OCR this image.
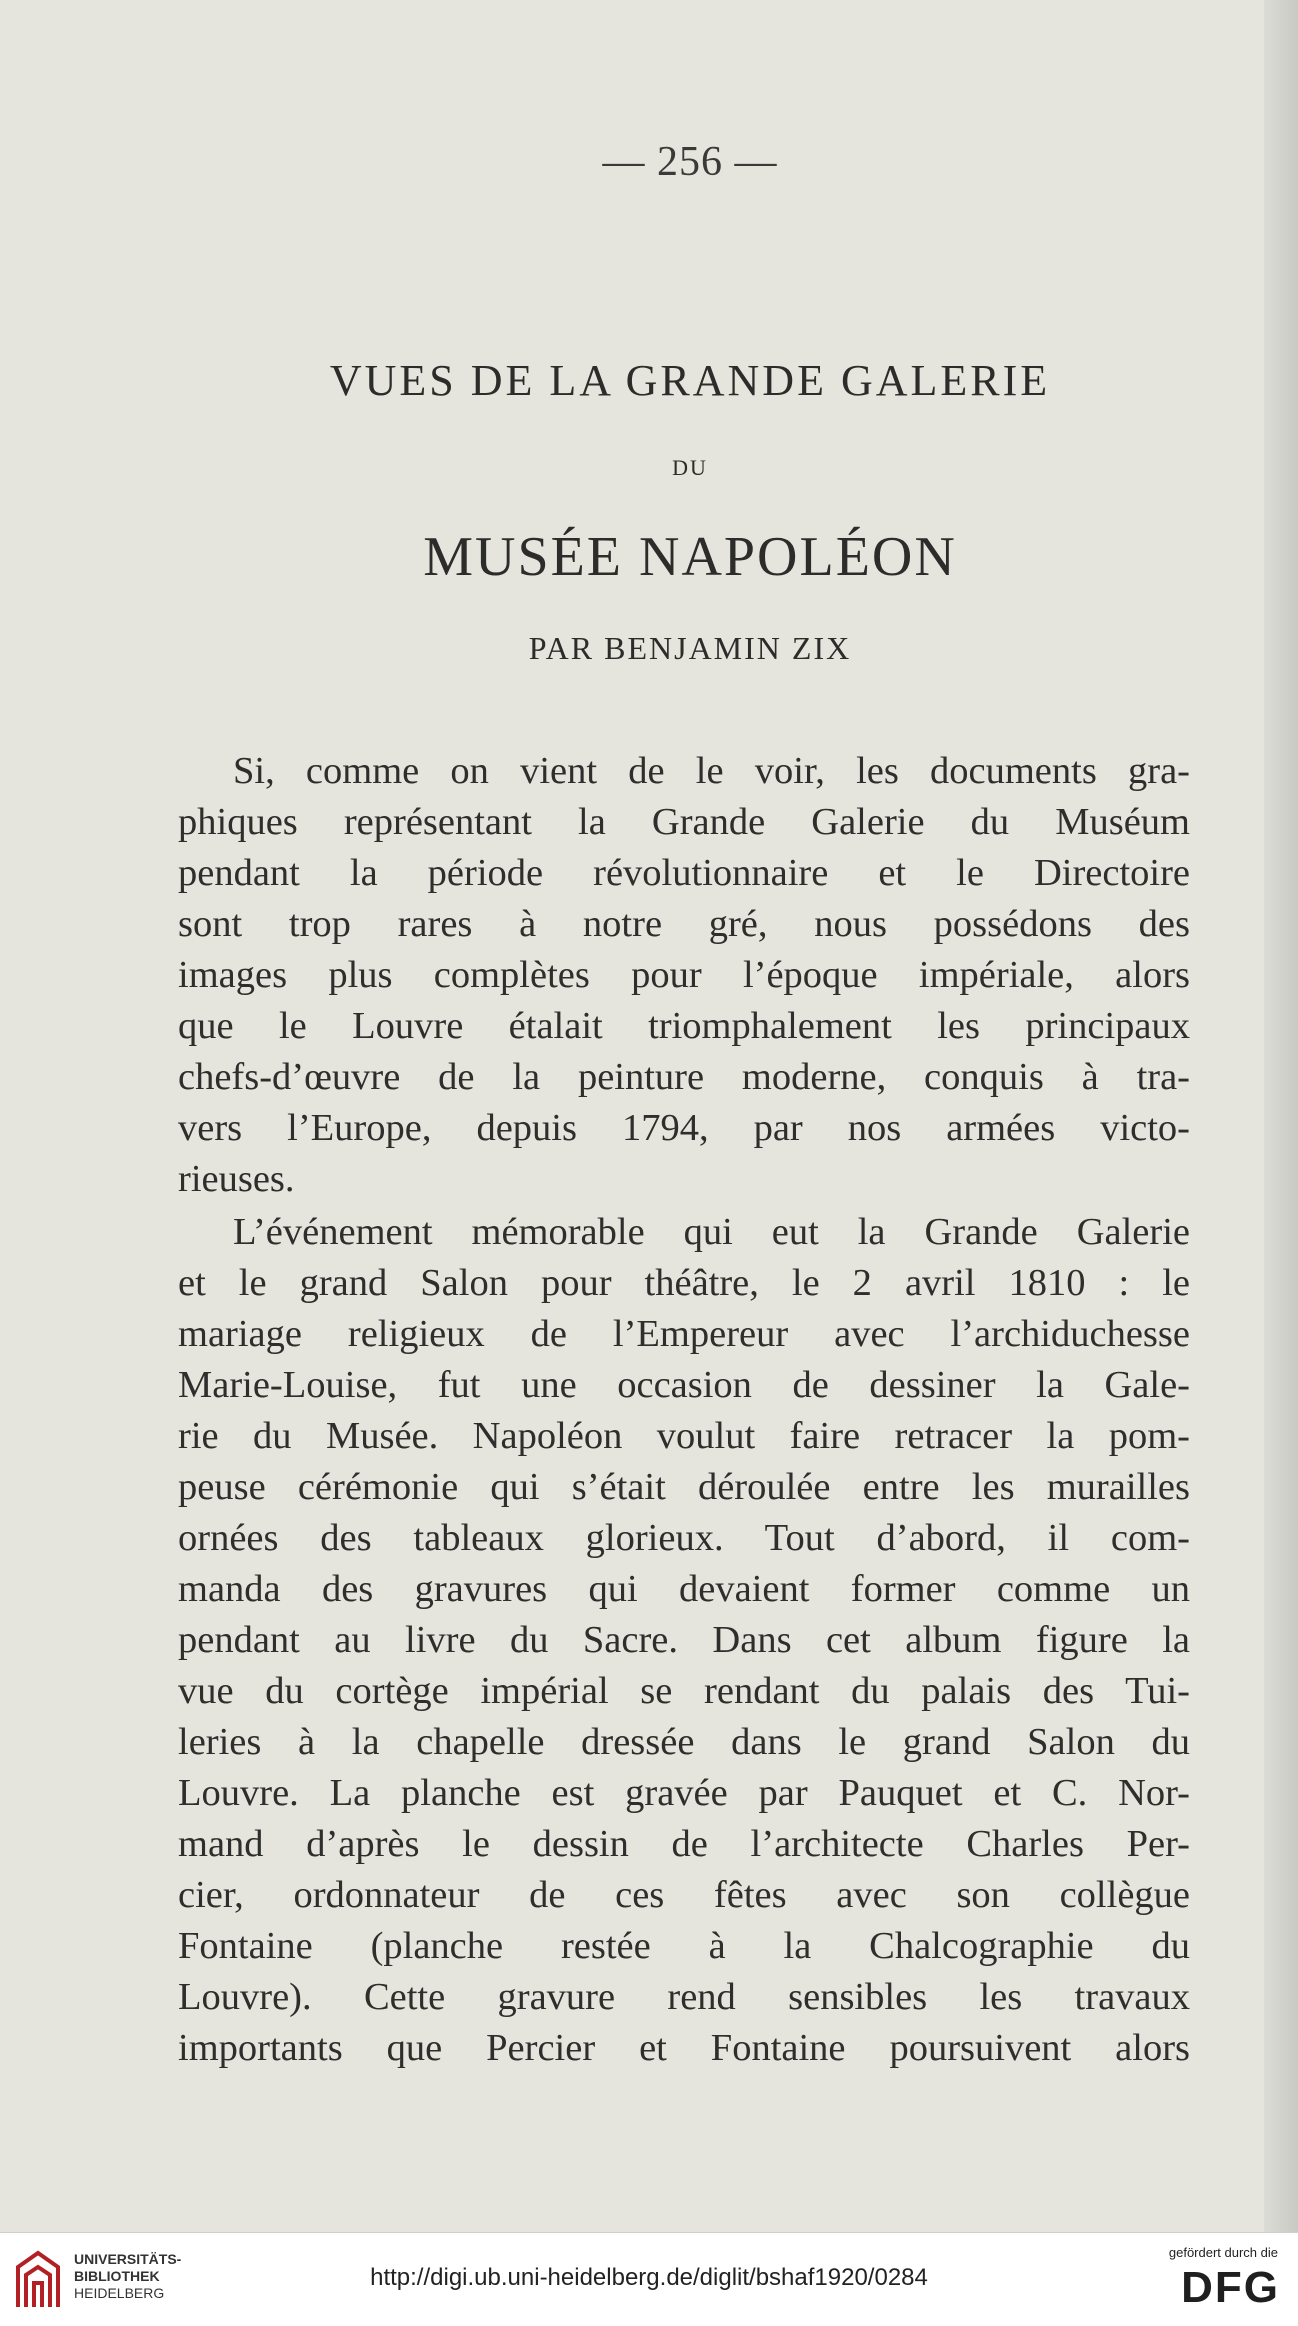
— 256 —
VUES DE LA GRANDE GALERIE
DU
MUSÉE NAPOLÉON
PAR BENJAMIN ZIX
Si, comme on vient de le voir, les documents gra-
phiques représentant la Grande Galerie du Muséum
pendant la période révolutionnaire et le Directoire
sont trop rares à notre gré, nous possédons des
images plus complètes pour l’époque impériale, alors
que le Louvre étalait triomphalement les principaux
chefs-d’œuvre de la peinture moderne, conquis à tra-
vers l’Europe, depuis 1794, par nos armées victo-
rieuses.
L’événement mémorable qui eut la Grande Galerie
et le grand Salon pour théâtre, le 2 avril 1810 : le
mariage religieux de l’Empereur avec l’archiduchesse
Marie-Louise, fut une occasion de dessiner la Gale-
rie du Musée. Napoléon voulut faire retracer la pom-
peuse cérémonie qui s’était déroulée entre les murailles
ornées des tableaux glorieux. Tout d’abord, il com-
manda des gravures qui devaient former comme un
pendant au livre du Sacre. Dans cet album figure la
vue du cortège impérial se rendant du palais des Tui-
leries à la chapelle dressée dans le grand Salon du
Louvre. La planche est gravée par Pauquet et C. Nor-
mand d’après le dessin de l’architecte Charles Per-
cier, ordonnateur de ces fêtes avec son collègue
Fontaine (planche restée à la Chalcographie du
Louvre). Cette gravure rend sensibles les travaux
importants que Percier et Fontaine poursuivent alors
UNIVERSITÄTS-
BIBLIOTHEK
HEIDELBERG
http://digi.ub.uni-heidelberg.de/diglit/bshaf1920/0284
gefördert durch die
DFG
